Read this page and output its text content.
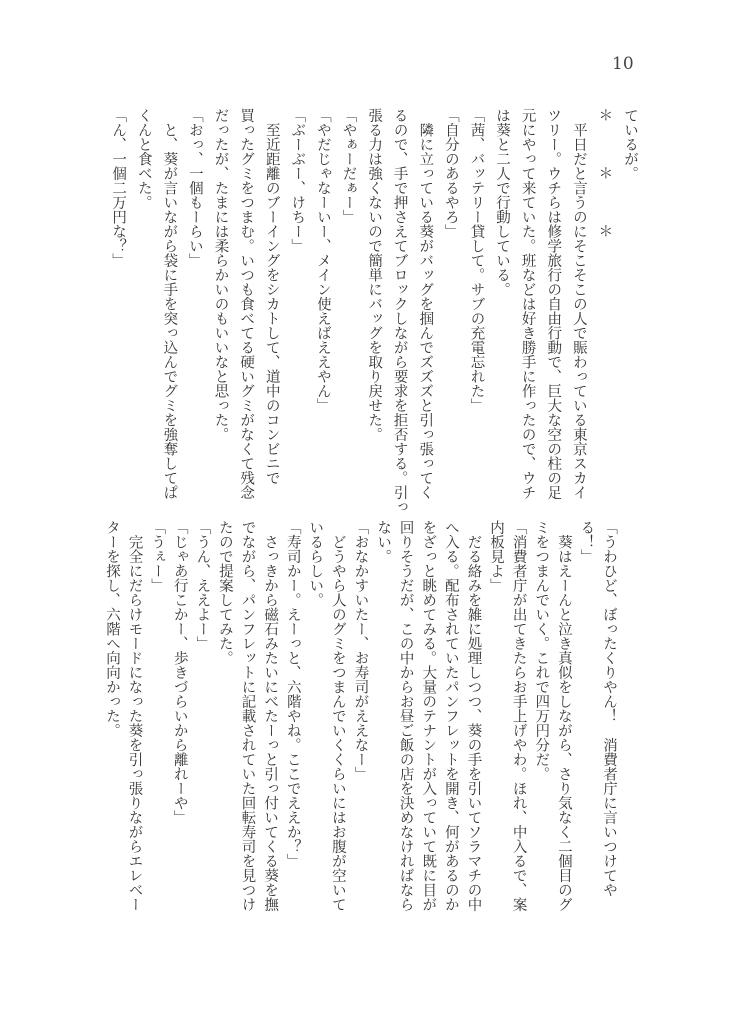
10
ているが。
＊　　　＊　　　＊
　平日だと言うのにそこそこの人で賑わっている東京スカイ
ツリー。ウチらは修学旅行の自由行動で、巨大な空の柱の足
元にやって来ていた。班などは好き勝手に作ったので、ウチ
は葵と二人で行動している。
「茜、バッテリー貸して。サブの充電忘れた」
「自分のあるやろ」
　隣に立っている葵がバッグを掴んでズズズと引っ張ってく
るので、手で押さえてブロックしながら要求を拒否する。引っ
張る力は強くないので簡単にバッグを取り戻せた。
「やぁーだぁー」
「やだじゃなーいー、メイン使えばええやん」
「ぶーぶー、けちー」
　至近距離のブーイングをシカトして、道中のコンビニで
買ったグミをつまむ。いつも食べてる硬いグミがなくて残念
だったが、たまには柔らかいのもいいなと思った。
「おっ、一個もーらい」
　と、葵が言いながら袋に手を突っ込んでグミを強奪してぱ
くんと食べた。
「ん、一個二万円な？」
「うわひど、ぼったくりやん！　消費者庁に言いつけてや
る！」
　葵はえーんと泣き真似をしながら、さり気なく二個目のグ
ミをつまんでいく。これで四万円分だ。
「消費者庁が出てきたらお手上げやわ。ほれ、中入るで、案
内板見よ」
　だる絡みを雑に処理しつつ、葵の手を引いてソラマチの中
へ入る。配布されていたパンフレットを開き、何があるのか
をざっと眺めてみる。大量のテナントが入っていて既に目が
回りそうだが、この中からお昼ご飯の店を決めなければなら
ない。
「おなかすいたー、お寿司がええなー」
　どうやら人のグミをつまんでいくくらいにはお腹が空いて
いるらしい。
「寿司かー。えーっと、六階やね。ここでええか？」
　さっきから磁石みたいにべたーっと引っ付いてくる葵を撫
でながら、パンフレットに記載されていた回転寿司を見つけ
たので提案してみた。
「うん、ええよー」
「じゃあ行こかー、歩きづらいから離れーや」
「うぇー」
　完全にだらけモードになった葵を引っ張りながらエレベー
ターを探し、六階へ向向かった。
